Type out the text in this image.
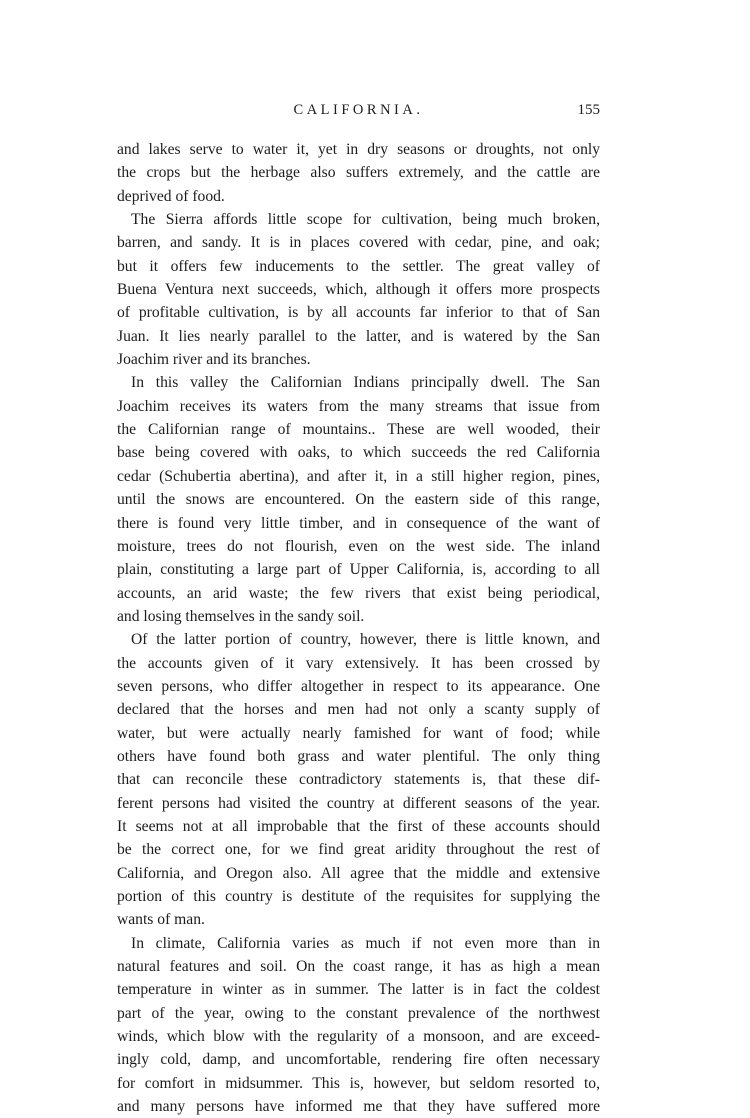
CALIFORNIA.	155
and lakes serve to water it, yet in dry seasons or droughts, not only
the crops but the herbage also suffers extremely, and the cattle are
deprived of food.
The Sierra affords little scope for cultivation, being much broken,
barren, and sandy. It is in places covered with cedar, pine, and oak;
but it offers few inducements to the settler. The great valley of
Buena Ventura next succeeds, which, although it offers more prospects
of profitable cultivation, is by all accounts far inferior to that of San
Juan. It lies nearly parallel to the latter, and is watered by the San
Joachim river and its branches.
In this valley the Californian Indians principally dwell. The San
Joachim receives its waters from the many streams that issue from
the Californian range of mountains.. These are well wooded, their
base being covered with oaks, to which succeeds the red California
cedar (Schubertia abertina), and after it, in a still higher region, pines,
until the snows are encountered. On the eastern side of this range,
there is found very little timber, and in consequence of the want of
moisture, trees do not flourish, even on the west side. The inland
plain, constituting a large part of Upper California, is, according to all
accounts, an arid waste; the few rivers that exist being periodical,
and losing themselves in the sandy soil.
Of the latter portion of country, however, there is little known, and
the accounts given of it vary extensively. It has been crossed by
seven persons, who differ altogether in respect to its appearance. One
declared that the horses and men had not only a scanty supply of
water, but were actually nearly famished for want of food; while
others have found both grass and water plentiful. The only thing
that can reconcile these contradictory statements is, that these dif-
ferent persons had visited the country at different seasons of the year.
It seems not at all improbable that the first of these accounts should
be the correct one, for we find great aridity throughout the rest of
California, and Oregon also. All agree that the middle and extensive
portion of this country is destitute of the requisites for supplying the
wants of man.
In climate, California varies as much if not even more than in
natural features and soil. On the coast range, it has as high a mean
temperature in winter as in summer. The latter is in fact the coldest
part of the year, owing to the constant prevalence of the northwest
winds, which blow with the regularity of a monsoon, and are exceed-
ingly cold, damp, and uncomfortable, rendering fire often necessary
for comfort in midsummer. This is, however, but seldom resorted to,
and many persons have informed me that they have suffered more
